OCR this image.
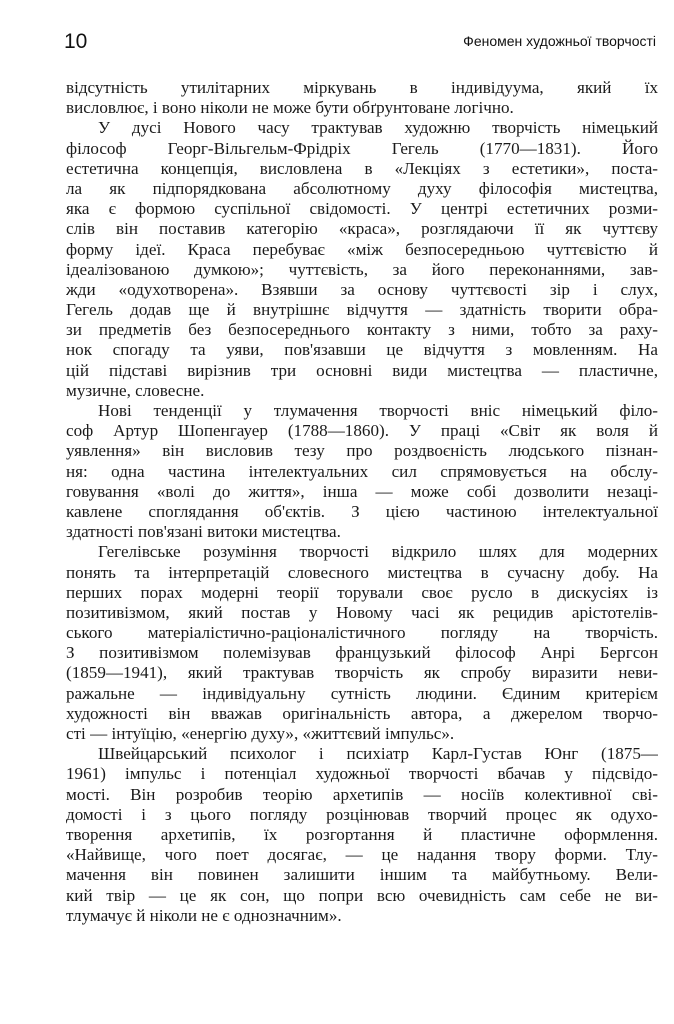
10	Феномен художньої творчості
відсутність утилітарних міркувань в індивідуума, який їх
висловлює, і воно ніколи не може бути обґрунтоване логічно.
У дусі Нового часу трактував художню творчість німецький
філософ Георг-Вільгельм-Фрідріх Гегель (1770—1831). Його
естетична концепція, висловлена в «Лекціях з естетики», поста-
ла як підпорядкована абсолютному духу філософія мистецтва,
яка є формою суспільної свідомості. У центрі естетичних розми-
слів він поставив категорію «краса», розглядаючи її як чуттєву
форму ідеї. Краса перебуває «між безпосередньою чуттєвістю й
ідеалізованою думкою»; чуттєвість, за його переконаннями, зав-
жди «одухотворена». Взявши за основу чуттєвості зір і слух,
Гегель додав ще й внутрішнє відчуття — здатність творити обра-
зи предметів без безпосереднього контакту з ними, тобто за раху-
нок спогаду та уяви, пов'язавши це відчуття з мовленням. На
цій підставі вирізнив три основні види мистецтва — пластичне,
музичне, словесне.
Нові тенденції у тлумачення творчості вніс німецький філо-
соф Артур Шопенгауер (1788—1860). У праці «Світ як воля й
уявлення» він висловив тезу про роздвоєність людського пізнан-
ня: одна частина інтелектуальних сил спрямовується на обслу-
говування «волі до життя», інша — може собі дозволити незацi-
кавлене споглядання об'єктів. З цією частиною інтелектуальної
здатності пов'язані витоки мистецтва.
Гегелівське розуміння творчості відкрило шлях для модерних
понять та інтерпретацій словесного мистецтва в сучасну добу. На
перших порах модерні теорії торували своє русло в дискусіях із
позитивізмом, який постав у Новому часі як рецидив арістотелів-
ського матеріалістично-раціоналістичного погляду на творчість.
З позитивізмом полемізував французький філософ Анрі Бергсон
(1859—1941), який трактував творчість як спробу виразити неви-
ражальне — індивідуальну сутність людини. Єдиним критерієм
художності він вважав оригінальність автора, а джерелом творчо-
сті — інтуїцію, «енергію духу», «життєвий імпульс».
Швейцарський психолог і психіатр Карл-Густав Юнг (1875—
1961) імпульс і потенціал художньої творчості вбачав у підсвідо-
мості. Він розробив теорію архетипів — носіїв колективної сві-
домості і з цього погляду розцінював творчий процес як одухо-
творення архетипів, їх розгортання й пластичне оформлення.
«Найвище, чого поет досягає, — це надання твору форми. Тлу-
мачення він повинен залишити іншим та майбутньому. Вели-
кий твір — це як сон, що попри всю очевидність сам себе не ви-
тлумачує й ніколи не є однозначним».
